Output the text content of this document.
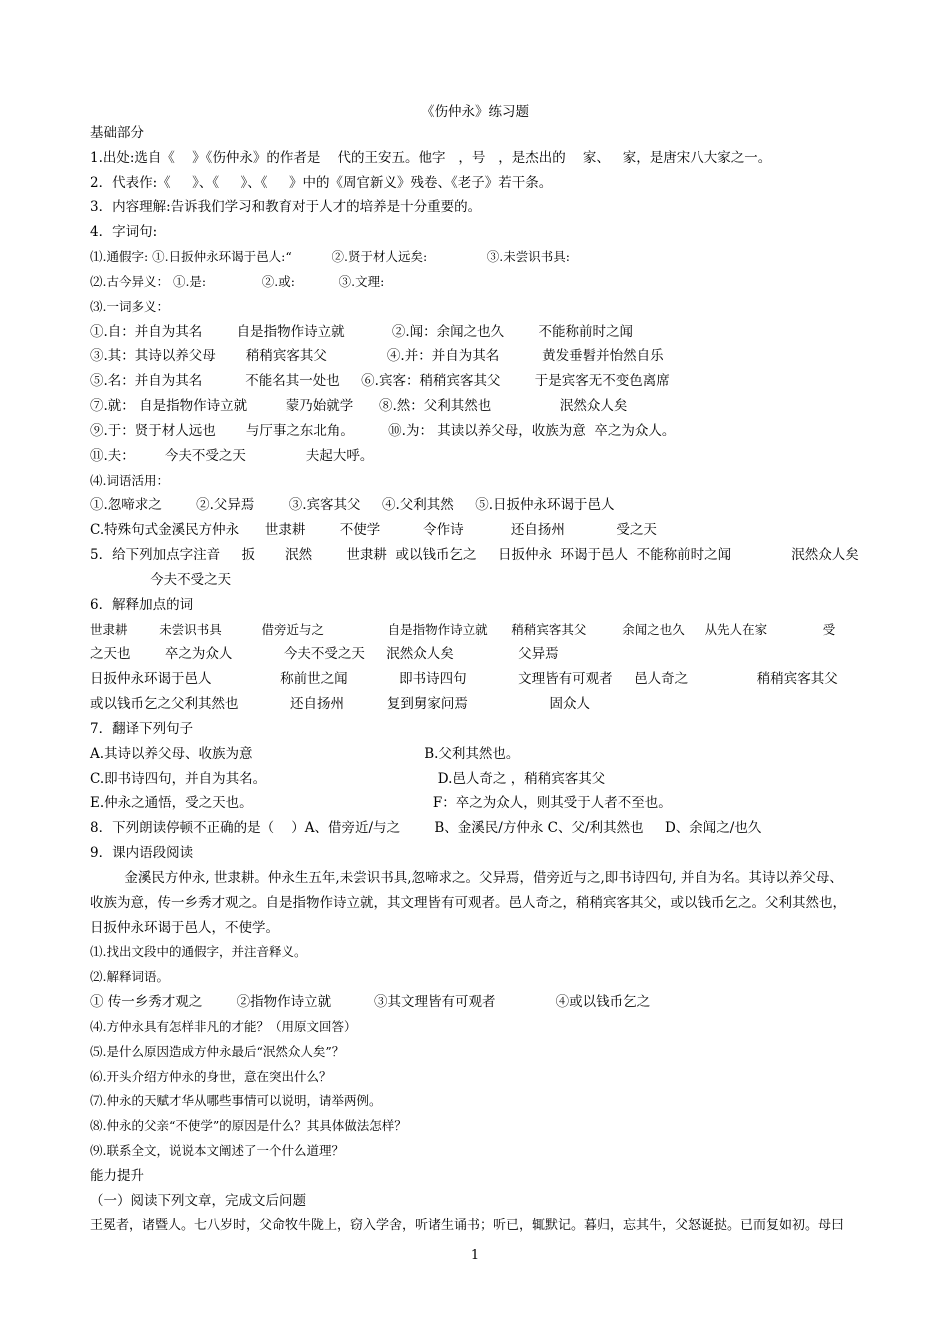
《伤仲永》练习题
基础部分
1.出处:选自《    》《伤仲永》的作者是    代的王安五。他字   ，号   ，是杰出的    家、   家，是唐宋八大家之一。
2．代表作:《     》、《     》、《     》中的《周官新义》残卷、《老子》若干条。
3．内容理解:告诉我们学习和教育对于人才的培养是十分重要的。
4．字词句:
⑴.通假字: ①.日扳仲永环谒于邑人:“          ②.贤于材人远矣:               ③.未尝识书具:
⑵.古今异义： ①.是:              ②.或:           ③.文理:
⑶.一词多义：
①.自：并自为其名        自是指物作诗立就           ②.闻：余闻之也久        不能称前时之闻
③.其：其诗以养父母       稍稍宾客其父              ④.并：并自为其名          黄发垂髫并怡然自乐
⑤.名：并自为其名          不能名其一处也     ⑥.宾客：稍稍宾客其父        于是宾客无不变色离席
⑦.就： 自是指物作诗立就         蒙乃始就学      ⑧.然：父利其然也                泯然众人矣
⑨.于：贤于材人远也       与厅事之东北角。        ⑩.为： 其读以养父母，收族为意  卒之为众人。
⑪.夫：       今夫不受之天              夫起大呼。
⑷.词语活用：
①.忽啼求之        ②.父异焉        ③.宾客其父     ④.父利其然     ⑤.日扳仲永环谒于邑人
C.特殊句式金溪民方仲永      世隶耕        不使学          令作诗           还自扬州            受之天
5．给下列加点字注音     扳       泯然        世隶耕  或以钱币乞之     日扳仲永  环谒于邑人  不能称前时之闻              泯然众人矣
今夫不受之天
6．解释加点的词
世隶耕        未尝识书具          借旁近与之                自是指物作诗立就      稍稍宾客其父         余闻之也久     从先人在家              受
之天也        卒之为众人            今夫不受之天     泯然众人矣               父异焉
日扳仲永环谒于邑人                称前世之闻            即书诗四句            文理皆有可观者     邑人奇之                稍稍宾客其父
或以钱币乞之父利其然也            还自扬州          复到舅家问焉                   固众人
7．翻译下列句子
A.其诗以养父母、收族为意                                        B.父利其然也。
C.即书诗四句，并自为其名。                                        D.邑人奇之 ，稍稍宾客其父
E.仲永之通悟，受之天也。                                          F：卒之为众人，则其受于人者不至也。
8．下列朗读停顿不正确的是（    ）A、借旁近/与之        B、金溪民/方仲永 C、父/利其然也     D、余闻之/也久
9．课内语段阅读
金溪民方仲永, 世隶耕。仲永生五年,未尝识书具,忽啼求之。父异焉，借旁近与之,即书诗四句, 并自为名。其诗以养父母、
收族为意，传一乡秀才观之。自是指物作诗立就，其文理皆有可观者。邑人奇之，稍稍宾客其父，或以钱币乞之。父利其然也，
日扳仲永环谒于邑人，不使学。
⑴.找出文段中的通假字，并注音释义。
⑵.解释词语。
① 传一乡秀才观之        ②指物作诗立就          ③其文理皆有可观者              ④或以钱币乞之
⑷.方仲永具有怎样非凡的才能？（用原文回答）
⑸.是什么原因造成方仲永最后“泯然众人矣”？
⑹.开头介绍方仲永的身世，意在突出什么？
⑺.仲永的天赋才华从哪些事情可以说明，请举两例。
⑻.仲永的父亲“不使学”的原因是什么？其具体做法怎样？
⑼.联系全文，说说本文阐述了一个什么道理？
能力提升
（一）阅读下列文章，完成文后问题
王冕者，诸暨人。七八岁时，父命牧牛陇上，窃入学舍，听诸生诵书；听已，辄默记。暮归，忘其牛，父怒诞挞。已而复如初。母曰
1
